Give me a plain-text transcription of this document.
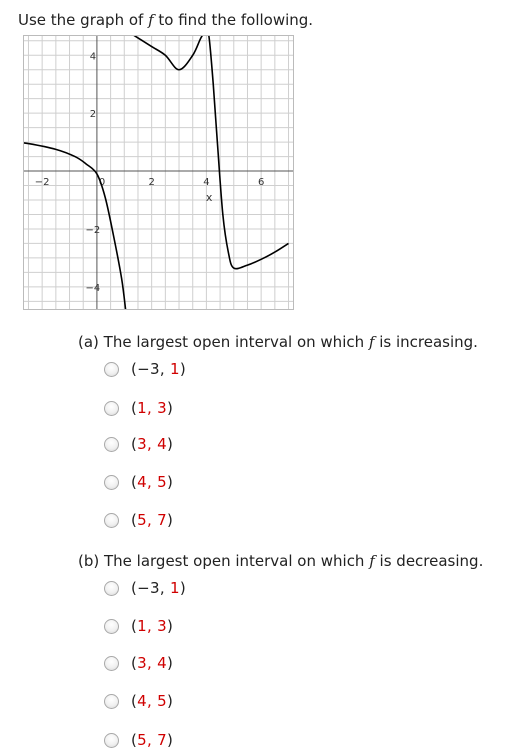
Use the graph of f to find the following.

−2	0	2	4	6
−4
−2
2
4
x

(a) The largest open interval on which f is increasing.

(−3, 1)
(1, 3)
(3, 4)
(4, 5)
(5, 7)

(b) The largest open interval on which f is decreasing.

(−3, 1)
(1, 3)
(3, 4)
(4, 5)
(5, 7)
